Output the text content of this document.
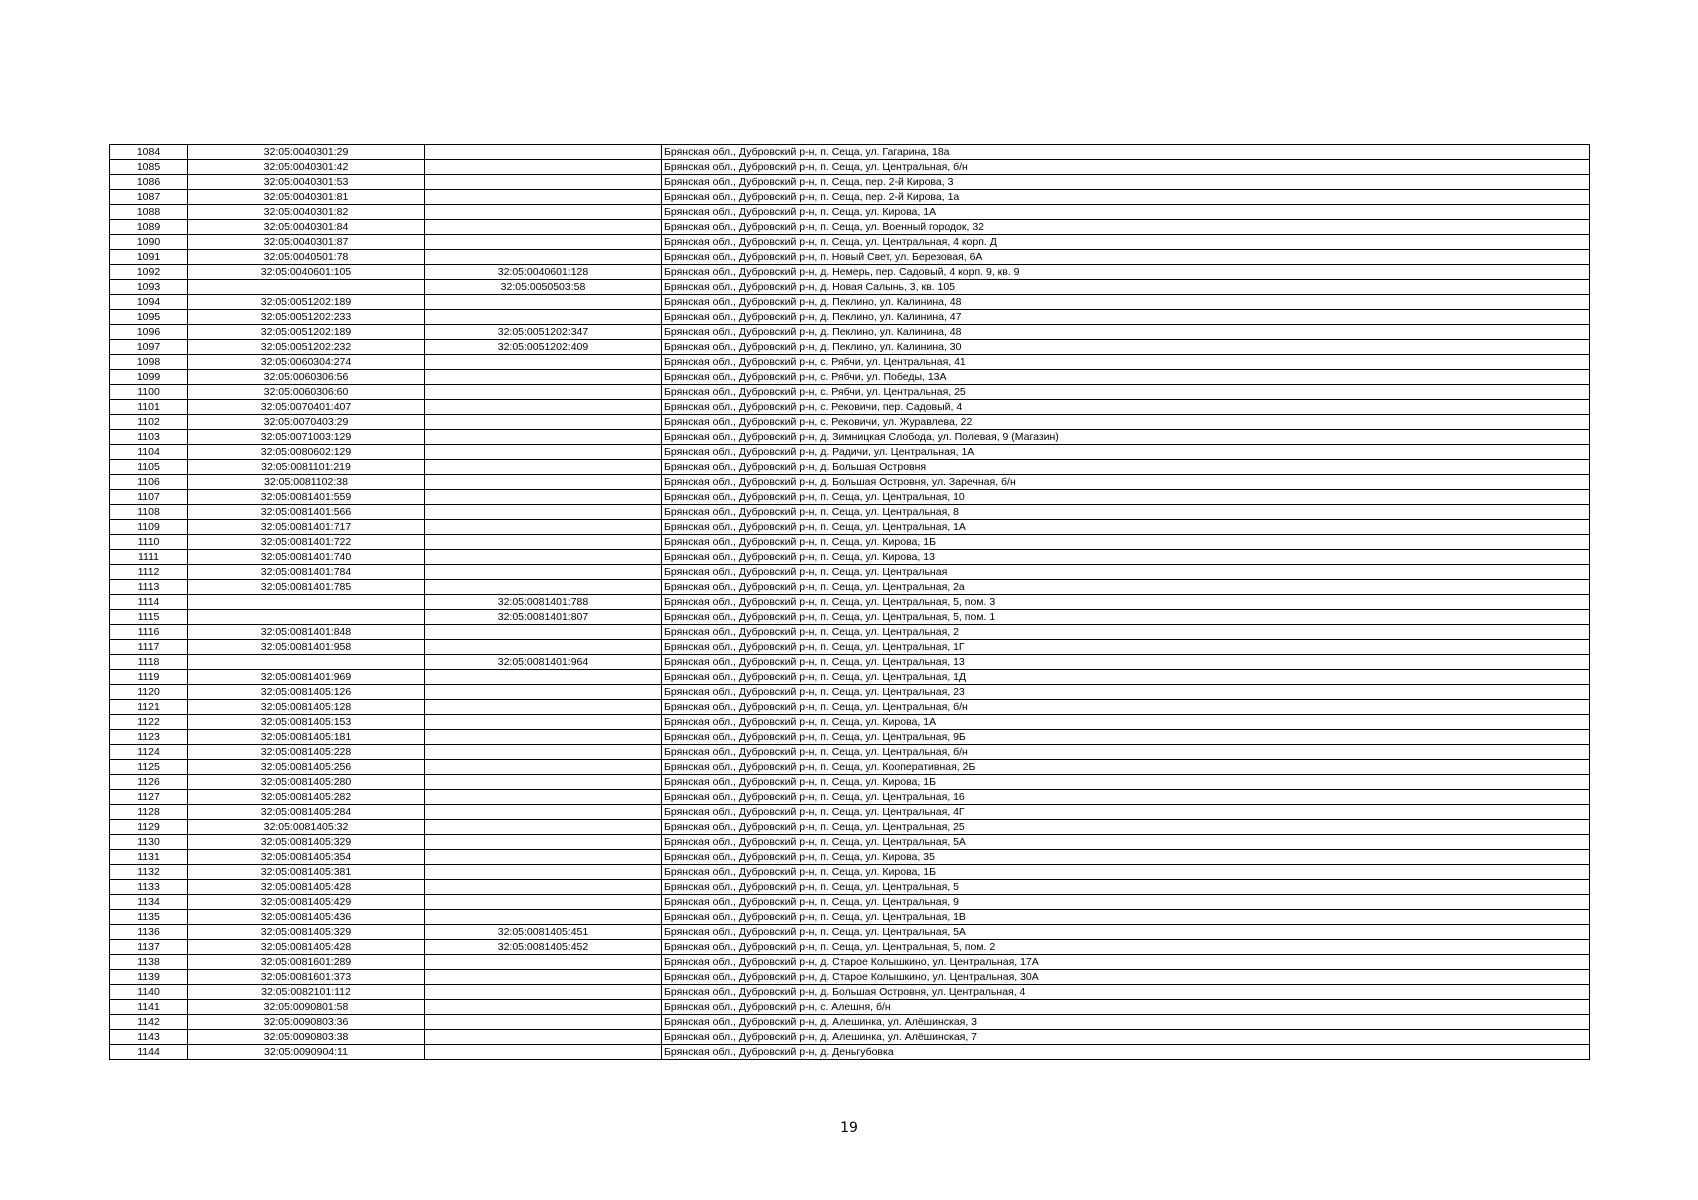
1084	32:05:0040301:29		Брянская обл., Дубровский р-н, п. Сеща, ул. Гагарина, 18а
1085	32:05:0040301:42		Брянская обл., Дубровский р-н, п. Сеща, ул. Центральная, б/н
1086	32:05:0040301:53		Брянская обл., Дубровский р-н, п. Сеща, пер. 2-й Кирова, 3
1087	32:05:0040301:81		Брянская обл., Дубровский р-н, п. Сеща, пер. 2-й Кирова, 1а
1088	32:05:0040301:82		Брянская обл., Дубровский р-н, п. Сеща, ул. Кирова, 1А
1089	32:05:0040301:84		Брянская обл., Дубровский р-н, п. Сеща, ул. Военный городок, 32
1090	32:05:0040301:87		Брянская обл., Дубровский р-н, п. Сеща, ул. Центральная, 4 корп. Д
1091	32:05:0040501:78		Брянская обл., Дубровский р-н, п. Новый Свет, ул. Березовая, 6А
1092	32:05:0040601:105	32:05:0040601:128	Брянская обл., Дубровский р-н, д. Немерь, пер. Садовый, 4 корп. 9, кв. 9
1093		32:05:0050503:58	Брянская обл., Дубровский р-н, д. Новая Салынь, 3, кв. 105
1094	32:05:0051202:189		Брянская обл., Дубровский р-н, д. Пеклино, ул. Калинина, 48
1095	32:05:0051202:233		Брянская обл., Дубровский р-н, д. Пеклино, ул. Калинина, 47
1096	32:05:0051202:189	32:05:0051202:347	Брянская обл., Дубровский р-н, д. Пеклино, ул. Калинина, 48
1097	32:05:0051202:232	32:05:0051202:409	Брянская обл., Дубровский р-н, д. Пеклино, ул. Калинина, 30
1098	32:05:0060304:274		Брянская обл., Дубровский р-н, с. Рябчи, ул. Центральная, 41
1099	32:05:0060306:56		Брянская обл., Дубровский р-н, с. Рябчи, ул. Победы, 13А
1100	32:05:0060306:60		Брянская обл., Дубровский р-н, с. Рябчи, ул. Центральная, 25
1101	32:05:0070401:407		Брянская обл., Дубровский р-н, с. Рековичи, пер. Садовый, 4
1102	32:05:0070403:29		Брянская обл., Дубровский р-н, с. Рековичи, ул. Журавлева, 22
1103	32:05:0071003:129		Брянская обл., Дубровский р-н, д. Зимницкая Слобода, ул. Полевая, 9 (Магазин)
1104	32:05:0080602:129		Брянская обл., Дубровский р-н, д. Радичи, ул. Центральная, 1А
1105	32:05:0081101:219		Брянская обл., Дубровский р-н, д. Большая Островня
1106	32:05:0081102:38		Брянская обл., Дубровский р-н, д. Большая Островня, ул. Заречная, б/н
1107	32:05:0081401:559		Брянская обл., Дубровский р-н, п. Сеща, ул. Центральная, 10
1108	32:05:0081401:566		Брянская обл., Дубровский р-н, п. Сеща, ул. Центральная, 8
1109	32:05:0081401:717		Брянская обл., Дубровский р-н, п. Сеща, ул. Центральная, 1А
1110	32:05:0081401:722		Брянская обл., Дубровский р-н, п. Сеща, ул. Кирова, 1Б
1111	32:05:0081401:740		Брянская обл., Дубровский р-н, п. Сеща, ул. Кирова, 13
1112	32:05:0081401:784		Брянская обл., Дубровский р-н, п. Сеща, ул. Центральная
1113	32:05:0081401:785		Брянская обл., Дубровский р-н, п. Сеща, ул. Центральная, 2а
1114		32:05:0081401:788	Брянская обл., Дубровский р-н, п. Сеща, ул. Центральная, 5, пом. 3
1115		32:05:0081401:807	Брянская обл., Дубровский р-н, п. Сеща, ул. Центральная, 5, пом. 1
1116	32:05:0081401:848		Брянская обл., Дубровский р-н, п. Сеща, ул. Центральная, 2
1117	32:05:0081401:958		Брянская обл., Дубровский р-н, п. Сеща, ул. Центральная, 1Г
1118		32:05:0081401:964	Брянская обл., Дубровский р-н, п. Сеща, ул. Центральная, 13
1119	32:05:0081401:969		Брянская обл., Дубровский р-н, п. Сеща, ул. Центральная, 1Д
1120	32:05:0081405:126		Брянская обл., Дубровский р-н, п. Сеща, ул. Центральная, 23
1121	32:05:0081405:128		Брянская обл., Дубровский р-н, п. Сеща, ул. Центральная, б/н
1122	32:05:0081405:153		Брянская обл., Дубровский р-н, п. Сеща, ул. Кирова, 1А
1123	32:05:0081405:181		Брянская обл., Дубровский р-н, п. Сеща, ул. Центральная, 9Б
1124	32:05:0081405:228		Брянская обл., Дубровский р-н, п. Сеща, ул. Центральная, б/н
1125	32:05:0081405:256		Брянская обл., Дубровский р-н, п. Сеща, ул. Кооперативная, 2Б
1126	32:05:0081405:280		Брянская обл., Дубровский р-н, п. Сеща, ул. Кирова, 1Б
1127	32:05:0081405:282		Брянская обл., Дубровский р-н, п. Сеща, ул. Центральная, 16
1128	32:05:0081405:284		Брянская обл., Дубровский р-н, п. Сеща, ул. Центральная, 4Г
1129	32:05:0081405:32		Брянская обл., Дубровский р-н, п. Сеща, ул. Центральная, 25
1130	32:05:0081405:329		Брянская обл., Дубровский р-н, п. Сеща, ул. Центральная, 5А
1131	32:05:0081405:354		Брянская обл., Дубровский р-н, п. Сеща, ул. Кирова, 35
1132	32:05:0081405:381		Брянская обл., Дубровский р-н, п. Сеща, ул. Кирова, 1Б
1133	32:05:0081405:428		Брянская обл., Дубровский р-н, п. Сеща, ул. Центральная, 5
1134	32:05:0081405:429		Брянская обл., Дубровский р-н, п. Сеща, ул. Центральная, 9
1135	32:05:0081405:436		Брянская обл., Дубровский р-н, п. Сеща, ул. Центральная, 1В
1136	32:05:0081405:329	32:05:0081405:451	Брянская обл., Дубровский р-н, п. Сеща, ул. Центральная, 5А
1137	32:05:0081405:428	32:05:0081405:452	Брянская обл., Дубровский р-н, п. Сеща, ул. Центральная, 5, пом. 2
1138	32:05:0081601:289		Брянская обл., Дубровский р-н, д. Старое Колышкино, ул. Центральная, 17А
1139	32:05:0081601:373		Брянская обл., Дубровский р-н, д. Старое Колышкино, ул. Центральная, 30А
1140	32:05:0082101:112		Брянская обл., Дубровский р-н, д. Большая Островня, ул. Центральная, 4
1141	32:05:0090801:58		Брянская обл., Дубровский р-н, с. Алешня, б/н
1142	32:05:0090803:36		Брянская обл., Дубровский р-н, д. Алешинка, ул. Алёшинская, 3
1143	32:05:0090803:38		Брянская обл., Дубровский р-н, д. Алешинка, ул. Алёшинская, 7
1144	32:05:0090904:11		Брянская обл., Дубровский р-н, д. Деньгубовка
19
